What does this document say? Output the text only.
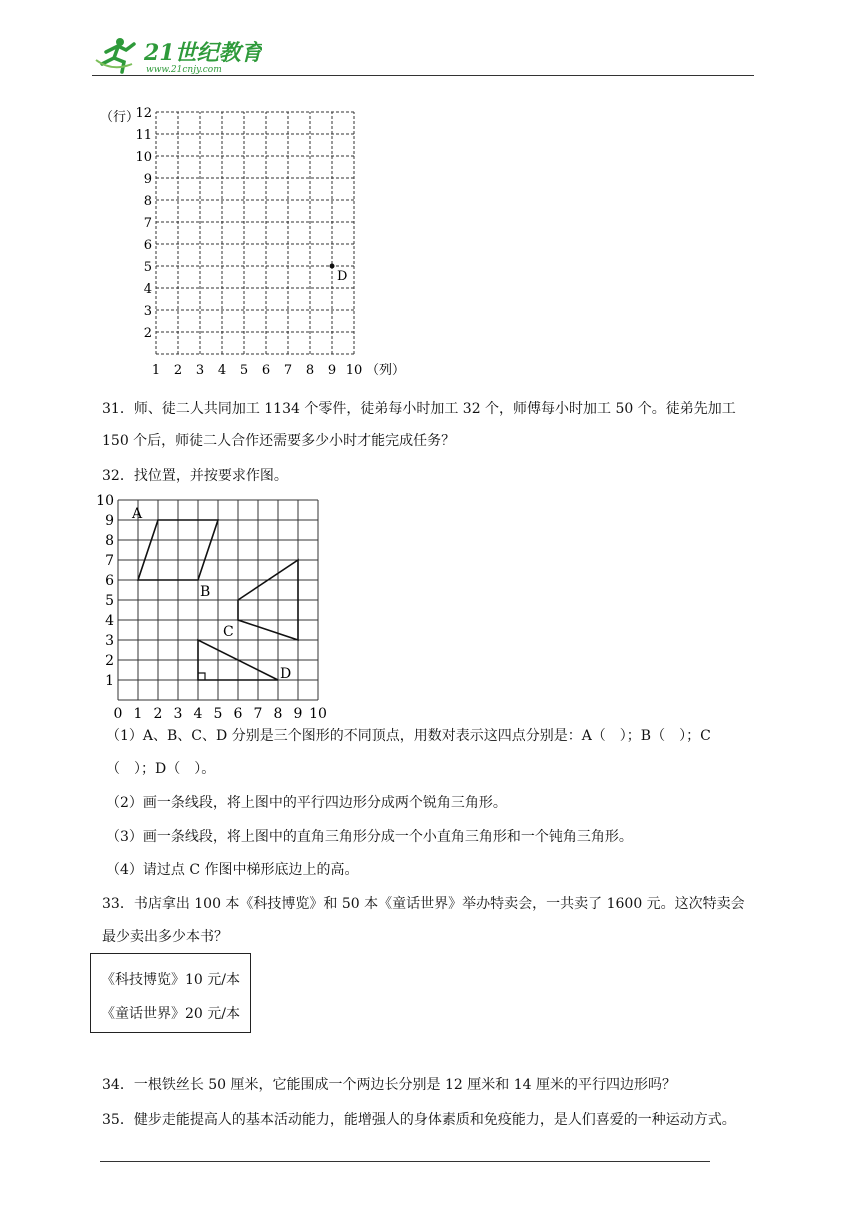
21世纪教育
www.21cnjy.com
12
11
10
9
8
7
6
5
4
3
2
1 2 3 4 5 6 7 8 9 10
（行）
（列）
D
31．师、徒二人共同加工 1134 个零件，徒弟每小时加工 32 个，师傅每小时加工 50 个。徒弟先加工
150 个后，师徒二人合作还需要多少小时才能完成任务？
32．找位置，并按要求作图。
10
9
8
7
6
5
4
3
2
1
0 1 2 3 4 5 6 7 8 9 10
A
B
C
D
（1）A、B、C、D 分别是三个图形的不同顶点，用数对表示这四点分别是：A（　）；B（　）；C
（　）；D（　）。
（2）画一条线段，将上图中的平行四边形分成两个锐角三角形。
（3）画一条线段，将上图中的直角三角形分成一个小直角三角形和一个钝角三角形。
（4）请过点 C 作图中梯形底边上的高。
33．书店拿出 100 本《科技博览》和 50 本《童话世界》举办特卖会，一共卖了 1600 元。这次特卖会
最少卖出多少本书？
《科技博览》10 元/本
《童话世界》20 元/本
34．一根铁丝长 50 厘米，它能围成一个两边长分别是 12 厘米和 14 厘米的平行四边形吗？
35．健步走能提高人的基本活动能力，能增强人的身体素质和免疫能力，是人们喜爱的一种运动方式。
